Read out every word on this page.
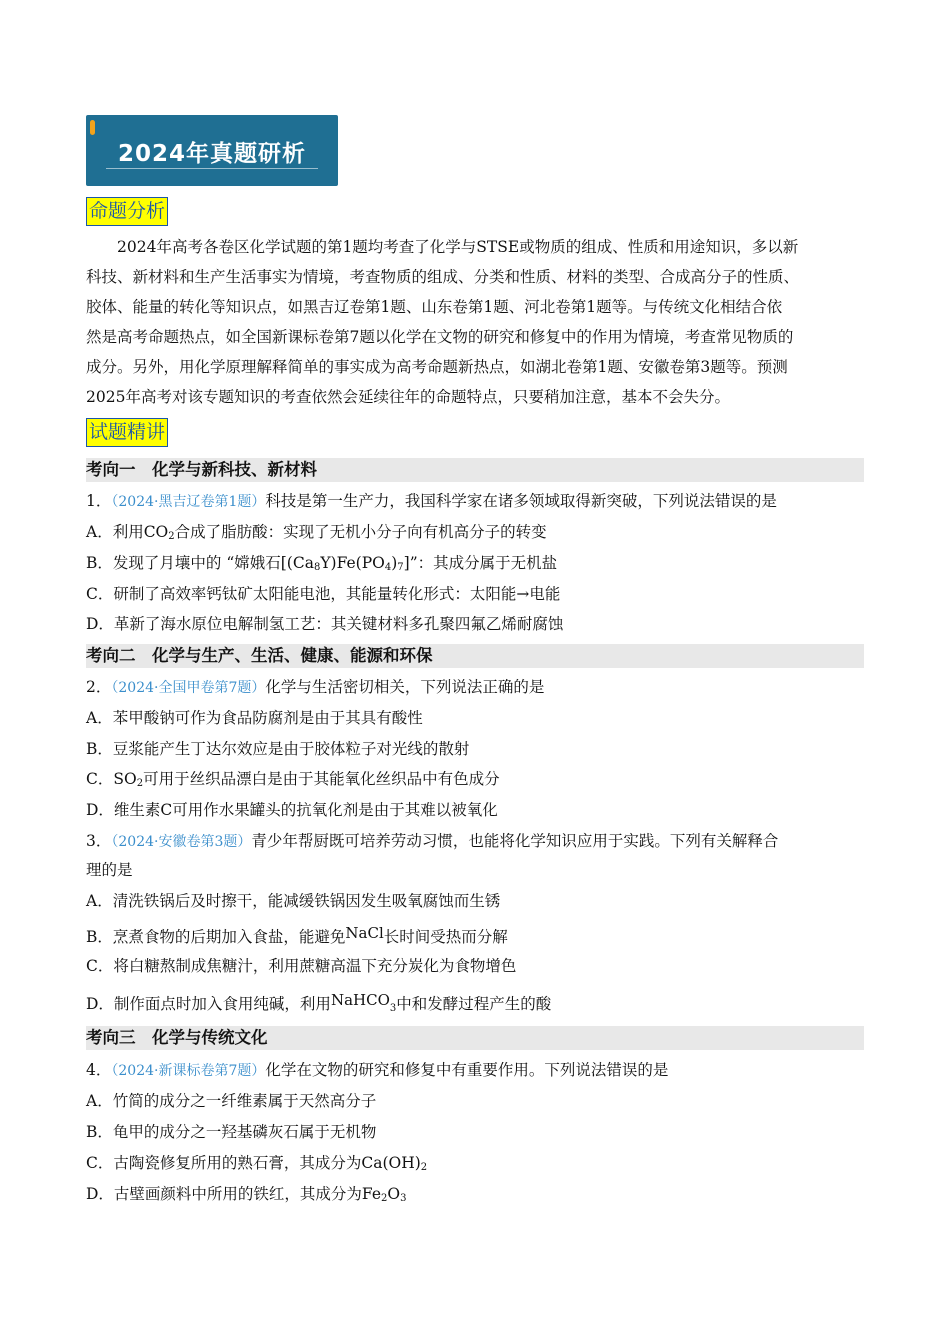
2024年真题研析
命题分析
2024年高考各卷区化学试题的第1题均考查了化学与STSE或物质的组成、性质和用途知识，多以新
科技、新材料和生产生活事实为情境，考查物质的组成、分类和性质、材料的类型、合成高分子的性质、
胶体、能量的转化等知识点，如黑吉辽卷第1题、山东卷第1题、河北卷第1题等。与传统文化相结合依
然是高考命题热点，如全国新课标卷第7题以化学在文物的研究和修复中的作用为情境，考查常见物质的
成分。另外，用化学原理解释简单的事实成为高考命题新热点，如湖北卷第1题、安徽卷第3题等。预测
2025年高考对该专题知识的考查依然会延续往年的命题特点，只要稍加注意，基本不会失分。
试题精讲
考向一　化学与新科技、新材料
1．（2024·黑吉辽卷第1题）科技是第一生产力，我国科学家在诸多领域取得新突破，下列说法错误的是
A．利用$CO_2$合成了脂肪酸：实现了无机小分子向有机高分子的转变
B．发现了月壤中的 “嫦娥石$[(Ca_8Y)Fe(PO_4)_7]$”：其成分属于无机盐
C．研制了高效率钙钛矿太阳能电池，其能量转化形式：太阳能→电能
D．革新了海水原位电解制氢工艺：其关键材料多孔聚四氟乙烯耐腐蚀
考向二　化学与生产、生活、健康、能源和环保
2．（2024·全国甲卷第7题）化学与生活密切相关，下列说法正确的是
A．苯甲酸钠可作为食品防腐剂是由于其具有酸性
B．豆浆能产生丁达尔效应是由于胶体粒子对光线的散射
C．$SO_2$可用于丝织品漂白是由于其能氧化丝织品中有色成分
D．维生素C可用作水果罐头的抗氧化剂是由于其难以被氧化
3．（2024·安徽卷第3题）青少年帮厨既可培养劳动习惯，也能将化学知识应用于实践。下列有关解释合
理的是
A．清洗铁锅后及时擦干，能减缓铁锅因发生吸氧腐蚀而生锈
B．烹煮食物的后期加入食盐，能避免NaCl长时间受热而分解
C．将白糖熬制成焦糖汁，利用蔗糖高温下充分炭化为食物增色
D．制作面点时加入食用纯碱，利用NaHCO$_3$中和发酵过程产生的酸
考向三　化学与传统文化
4．（2024·新课标卷第7题）化学在文物的研究和修复中有重要作用。下列说法错误的是
A．竹简的成分之一纤维素属于天然高分子
B．龟甲的成分之一羟基磷灰石属于无机物
C．古陶瓷修复所用的熟石膏，其成分为$Ca(OH)_2$
D．古壁画颜料中所用的铁红，其成分为$Fe_2O_3$
